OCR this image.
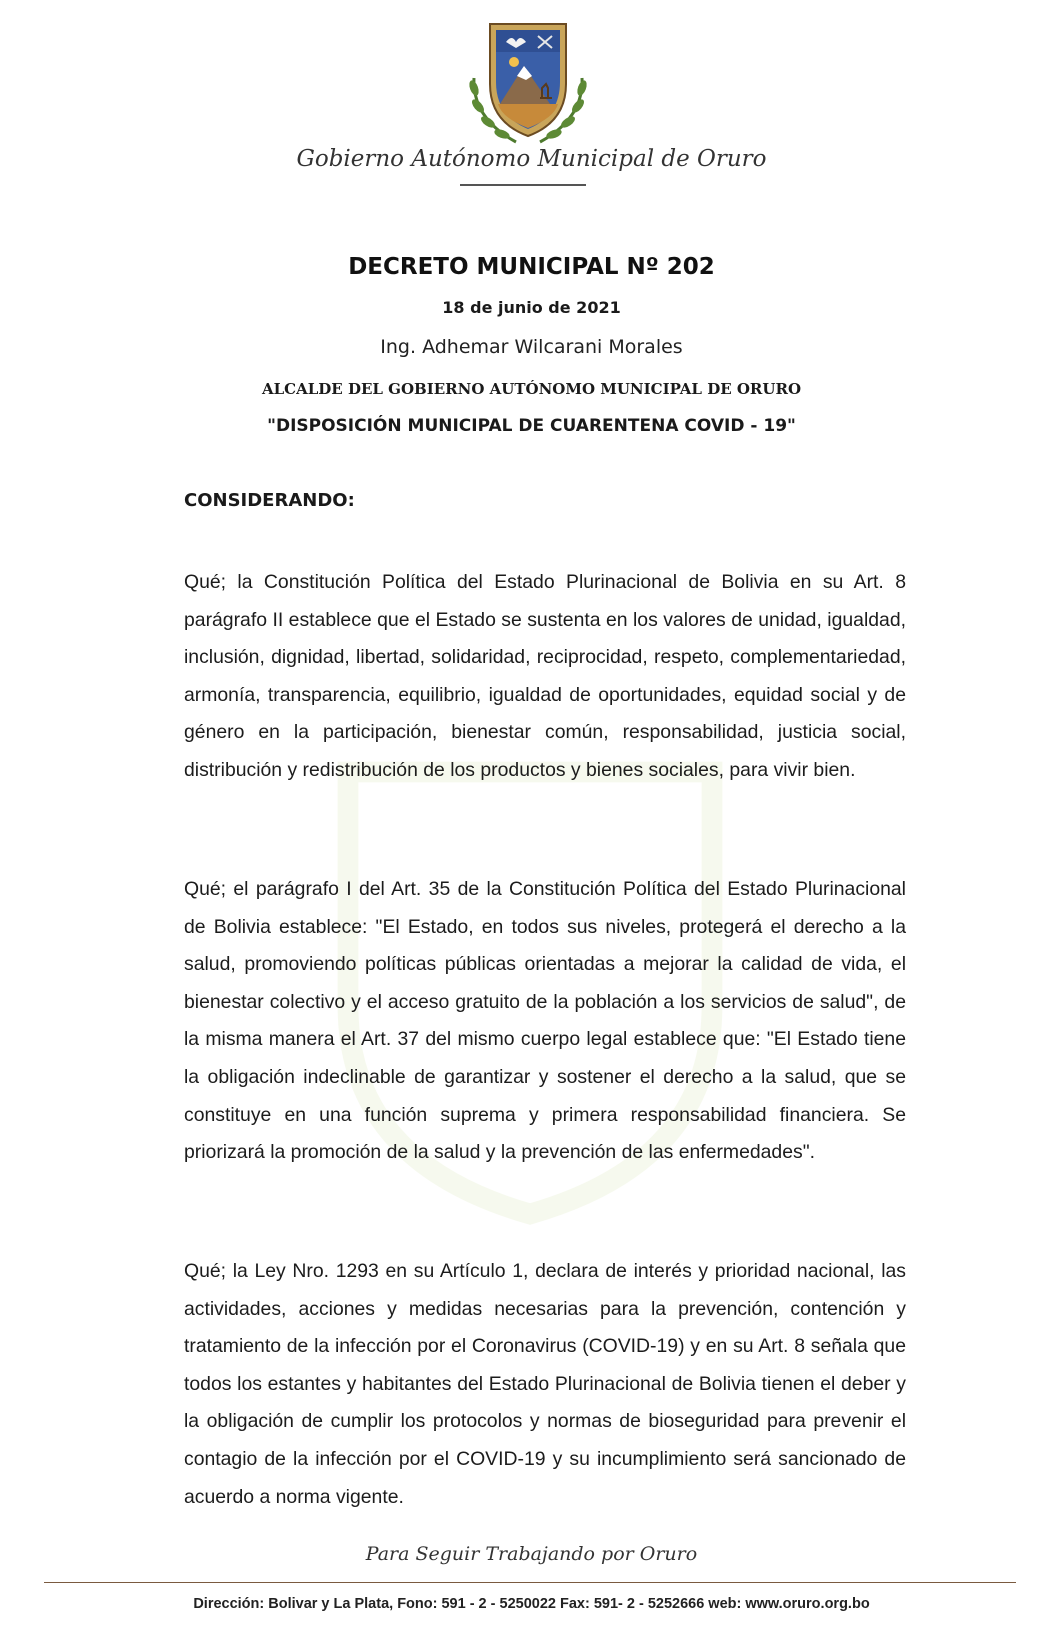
Gobierno Autónomo Municipal de Oruro
DECRETO MUNICIPAL Nº 202
18 de junio de 2021
Ing. Adhemar Wilcarani Morales
ALCALDE DEL GOBIERNO AUTÓNOMO MUNICIPAL DE ORURO
"DISPOSICIÓN MUNICIPAL DE CUARENTENA COVID - 19"
CONSIDERANDO:

Qué; la Constitución Política del Estado Plurinacional de Bolivia en su Art. 8 parágrafo II establece que el Estado se sustenta en los valores de unidad, igualdad, inclusión, dignidad, libertad, solidaridad, reciprocidad, respeto, complementariedad, armonía, transparencia, equilibrio, igualdad de oportunidades, equidad social y de género en la participación, bienestar común, responsabilidad, justicia social, distribución y redistribución de los productos y bienes sociales, para vivir bien.

Qué; el parágrafo I del Art. 35 de la Constitución Política del Estado Plurinacional de Bolivia establece: "El Estado, en todos sus niveles, protegerá el derecho a la salud, promoviendo políticas públicas orientadas a mejorar la calidad de vida, el bienestar colectivo y el acceso gratuito de la población a los servicios de salud", de la misma manera el Art. 37 del mismo cuerpo legal establece que: "El Estado tiene la obligación indeclinable de garantizar y sostener el derecho a la salud, que se constituye en una función suprema y primera responsabilidad financiera. Se priorizará la promoción de la salud y la prevención de las enfermedades".

Qué; la Ley Nro. 1293 en su Artículo 1, declara de interés y prioridad nacional, las actividades, acciones y medidas necesarias para la prevención, contención y tratamiento de la infección por el Coronavirus (COVID-19) y en su Art. 8 señala que todos los estantes y habitantes del Estado Plurinacional de Bolivia tienen el deber y la obligación de cumplir los protocolos y normas de bioseguridad para prevenir el contagio de la infección por el COVID-19 y su incumplimiento será sancionado de acuerdo a norma vigente.

Para Seguir Trabajando por Oruro
Dirección: Bolivar y La Plata, Fono: 591 - 2 - 5250022 Fax: 591- 2 - 5252666 web: www.oruro.org.bo
